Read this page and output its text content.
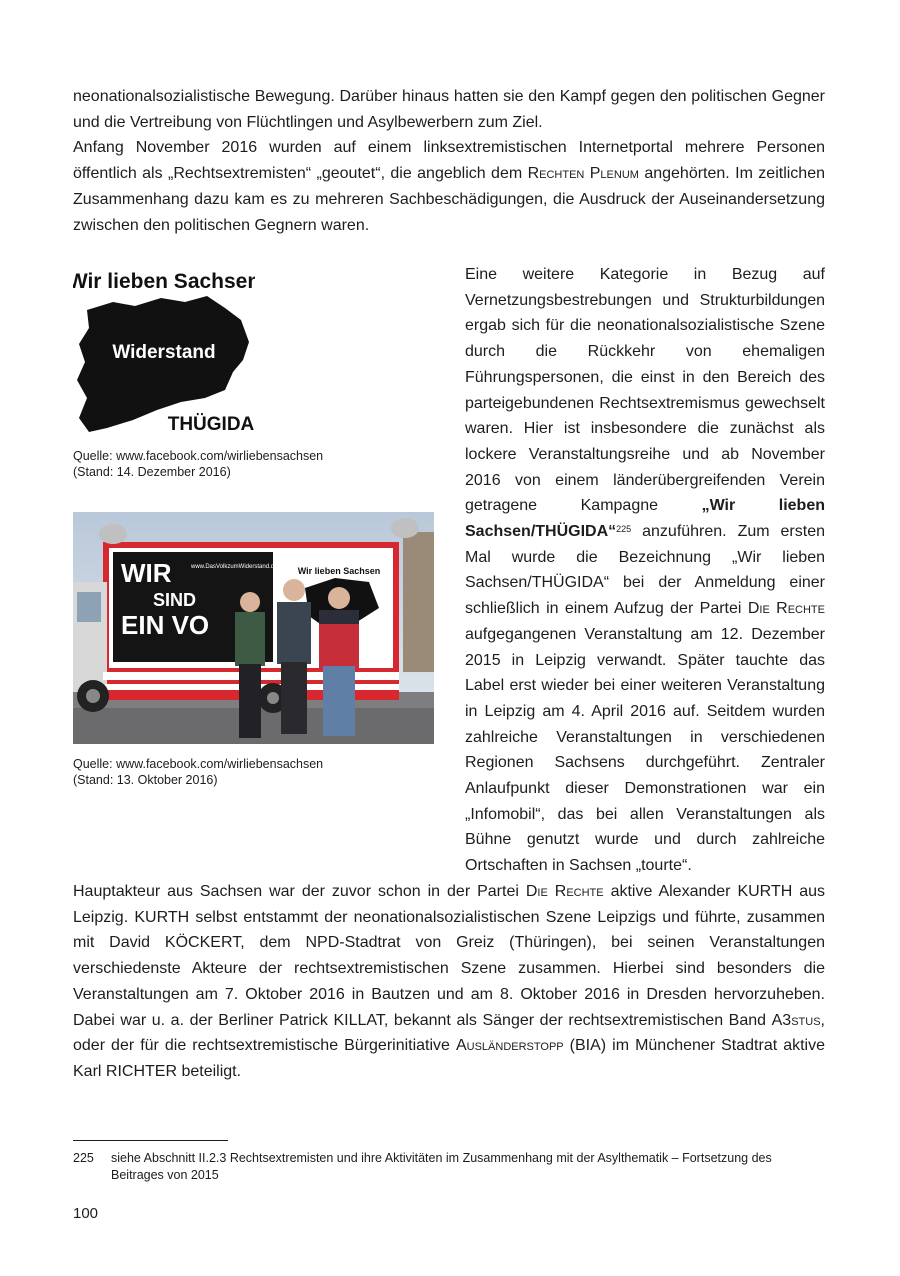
neonationalsozialistische Bewegung. Darüber hinaus hatten sie den Kampf gegen den politischen Gegner und die Vertreibung von Flüchtlingen und Asylbewerbern zum Ziel.
Anfang November 2016 wurden auf einem linksextremistischen Internetportal mehrere Personen öffentlich als „Rechtsextremisten“ „geoutet“, die angeblich dem Rechten Plenum angehörten. Im zeitlichen Zusammenhang dazu kam es zu mehreren Sachbeschädigungen, die Ausdruck der Auseinandersetzung zwischen den politischen Gegnern waren.

Wir lieben Sachsen
Widerstand
THÜGIDA
Quelle: www.facebook.com/wirliebensachsen
(Stand: 14. Dezember 2016)
WIR
SIND
EIN VO
www.DasVolkzumWiderstand.de Wir lieben Sachsen
Quelle: www.facebook.com/wirliebensachsen
(Stand: 13. Oktober 2016)

Eine weitere Kategorie in Bezug auf Vernetzungsbestrebungen und Strukturbildungen ergab sich für die neonationalsozialistische Szene durch die Rückkehr von ehemaligen Führungspersonen, die einst in den Bereich des parteigebundenen Rechtsextremismus gewechselt waren. Hier ist insbesondere die zunächst als lockere Veranstaltungsreihe und ab November 2016 von einem länderübergreifenden Verein getragene Kampagne „Wir lieben Sachsen/THÜGIDA“$^{225}$ anzuführen. Zum ersten Mal wurde die Bezeichnung „Wir lieben Sachsen/THÜGIDA“ bei der Anmeldung einer schließlich in einem Aufzug der Partei Die Rechte aufgegangenen Veranstaltung am 12. Dezember 2015 in Leipzig verwandt. Später tauchte das Label erst wieder bei einer weiteren Veranstaltung in Leipzig am 4. April 2016 auf. Seitdem wurden zahlreiche Veranstaltungen in verschiedenen Regionen Sachsens durchgeführt. Zentraler Anlaufpunkt dieser Demonstrationen war ein „Infomobil“, das bei allen Veranstaltungen als Bühne genutzt wurde und durch zahlreiche Ortschaften in Sachsen „tourte“.

Hauptakteur aus Sachsen war der zuvor schon in der Partei Die Rechte aktive Alexander KURTH aus Leipzig. KURTH selbst entstammt der neonationalsozialistischen Szene Leipzigs und führte, zusammen mit David KÖCKERT, dem NPD-Stadtrat von Greiz (Thüringen), bei seinen Veranstaltungen verschiedenste Akteure der rechtsextremistischen Szene zusammen. Hierbei sind besonders die Veranstaltungen am 7. Oktober 2016 in Bautzen und am 8. Oktober 2016 in Dresden hervorzuheben. Dabei war u. a. der Berliner Patrick KILLAT, bekannt als Sänger der rechtsextremistischen Band A3stus, oder der für die rechtsextremistische Bürgerinitiative Ausländerstopp (BIA) im Münchener Stadtrat aktive Karl RICHTER beteiligt.

225 siehe Abschnitt II.2.3 Rechtsextremisten und ihre Aktivitäten im Zusammenhang mit der Asylthematik – Fortsetzung des Beitrages von 2015
100
